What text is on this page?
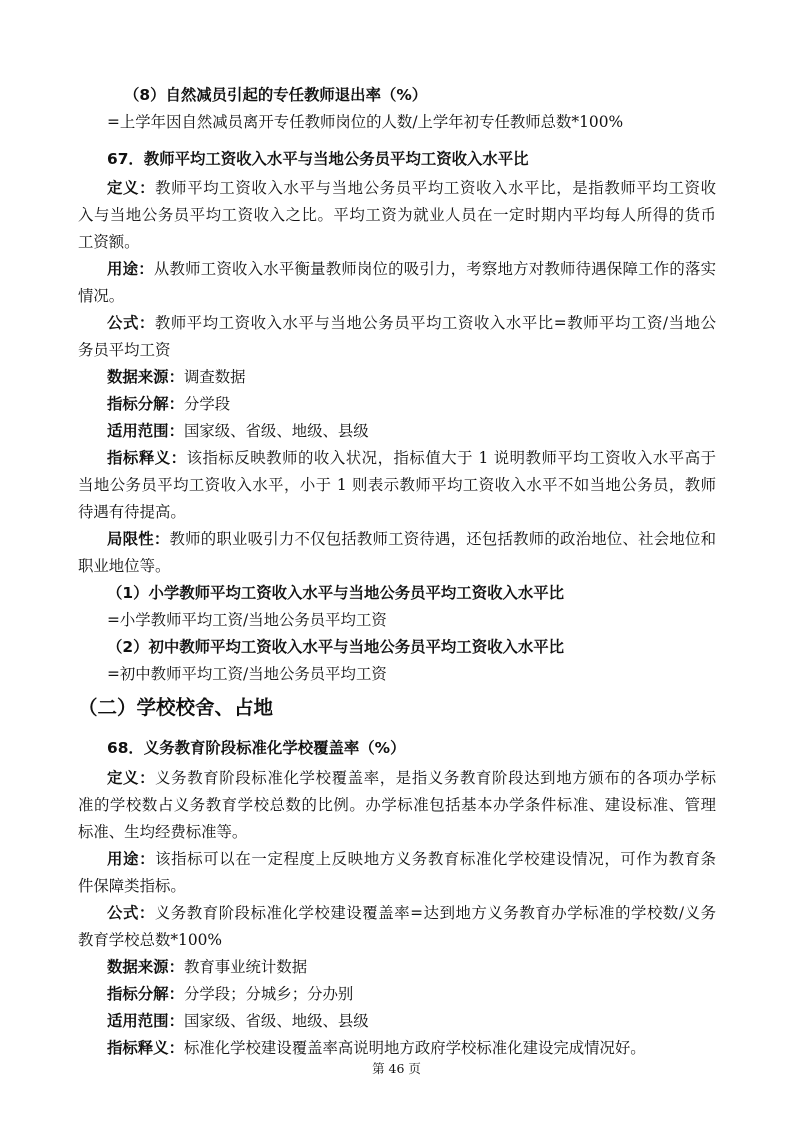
（8）自然减员引起的专任教师退出率（%）
=上学年因自然减员离开专任教师岗位的人数/上学年初专任教师总数*100%
67．教师平均工资收入水平与当地公务员平均工资收入水平比
定义：教师平均工资收入水平与当地公务员平均工资收入水平比，是指教师平均工资收
入与当地公务员平均工资收入之比。平均工资为就业人员在一定时期内平均每人所得的货币
工资额。
用途：从教师工资收入水平衡量教师岗位的吸引力，考察地方对教师待遇保障工作的落实
情况。
公式：教师平均工资收入水平与当地公务员平均工资收入水平比=教师平均工资/当地公
务员平均工资
数据来源：调查数据
指标分解：分学段
适用范围：国家级、省级、地级、县级
指标释义：该指标反映教师的收入状况，指标值大于 1 说明教师平均工资收入水平高于
当地公务员平均工资收入水平，小于 1 则表示教师平均工资收入水平不如当地公务员，教师
待遇有待提高。
局限性：教师的职业吸引力不仅包括教师工资待遇，还包括教师的政治地位、社会地位和
职业地位等。
（1）小学教师平均工资收入水平与当地公务员平均工资收入水平比
=小学教师平均工资/当地公务员平均工资
（2）初中教师平均工资收入水平与当地公务员平均工资收入水平比
=初中教师平均工资/当地公务员平均工资
（二）学校校舍、占地
68．义务教育阶段标准化学校覆盖率（%）
定义：义务教育阶段标准化学校覆盖率，是指义务教育阶段达到地方颁布的各项办学标
准的学校数占义务教育学校总数的比例。办学标准包括基本办学条件标准、建设标准、管理
标准、生均经费标准等。
用途：该指标可以在一定程度上反映地方义务教育标准化学校建设情况，可作为教育条
件保障类指标。
公式：义务教育阶段标准化学校建设覆盖率=达到地方义务教育办学标准的学校数/义务
教育学校总数*100%
数据来源：教育事业统计数据
指标分解：分学段；分城乡；分办别
适用范围：国家级、省级、地级、县级
指标释义：标准化学校建设覆盖率高说明地方政府学校标准化建设完成情况好。
第 46 页
